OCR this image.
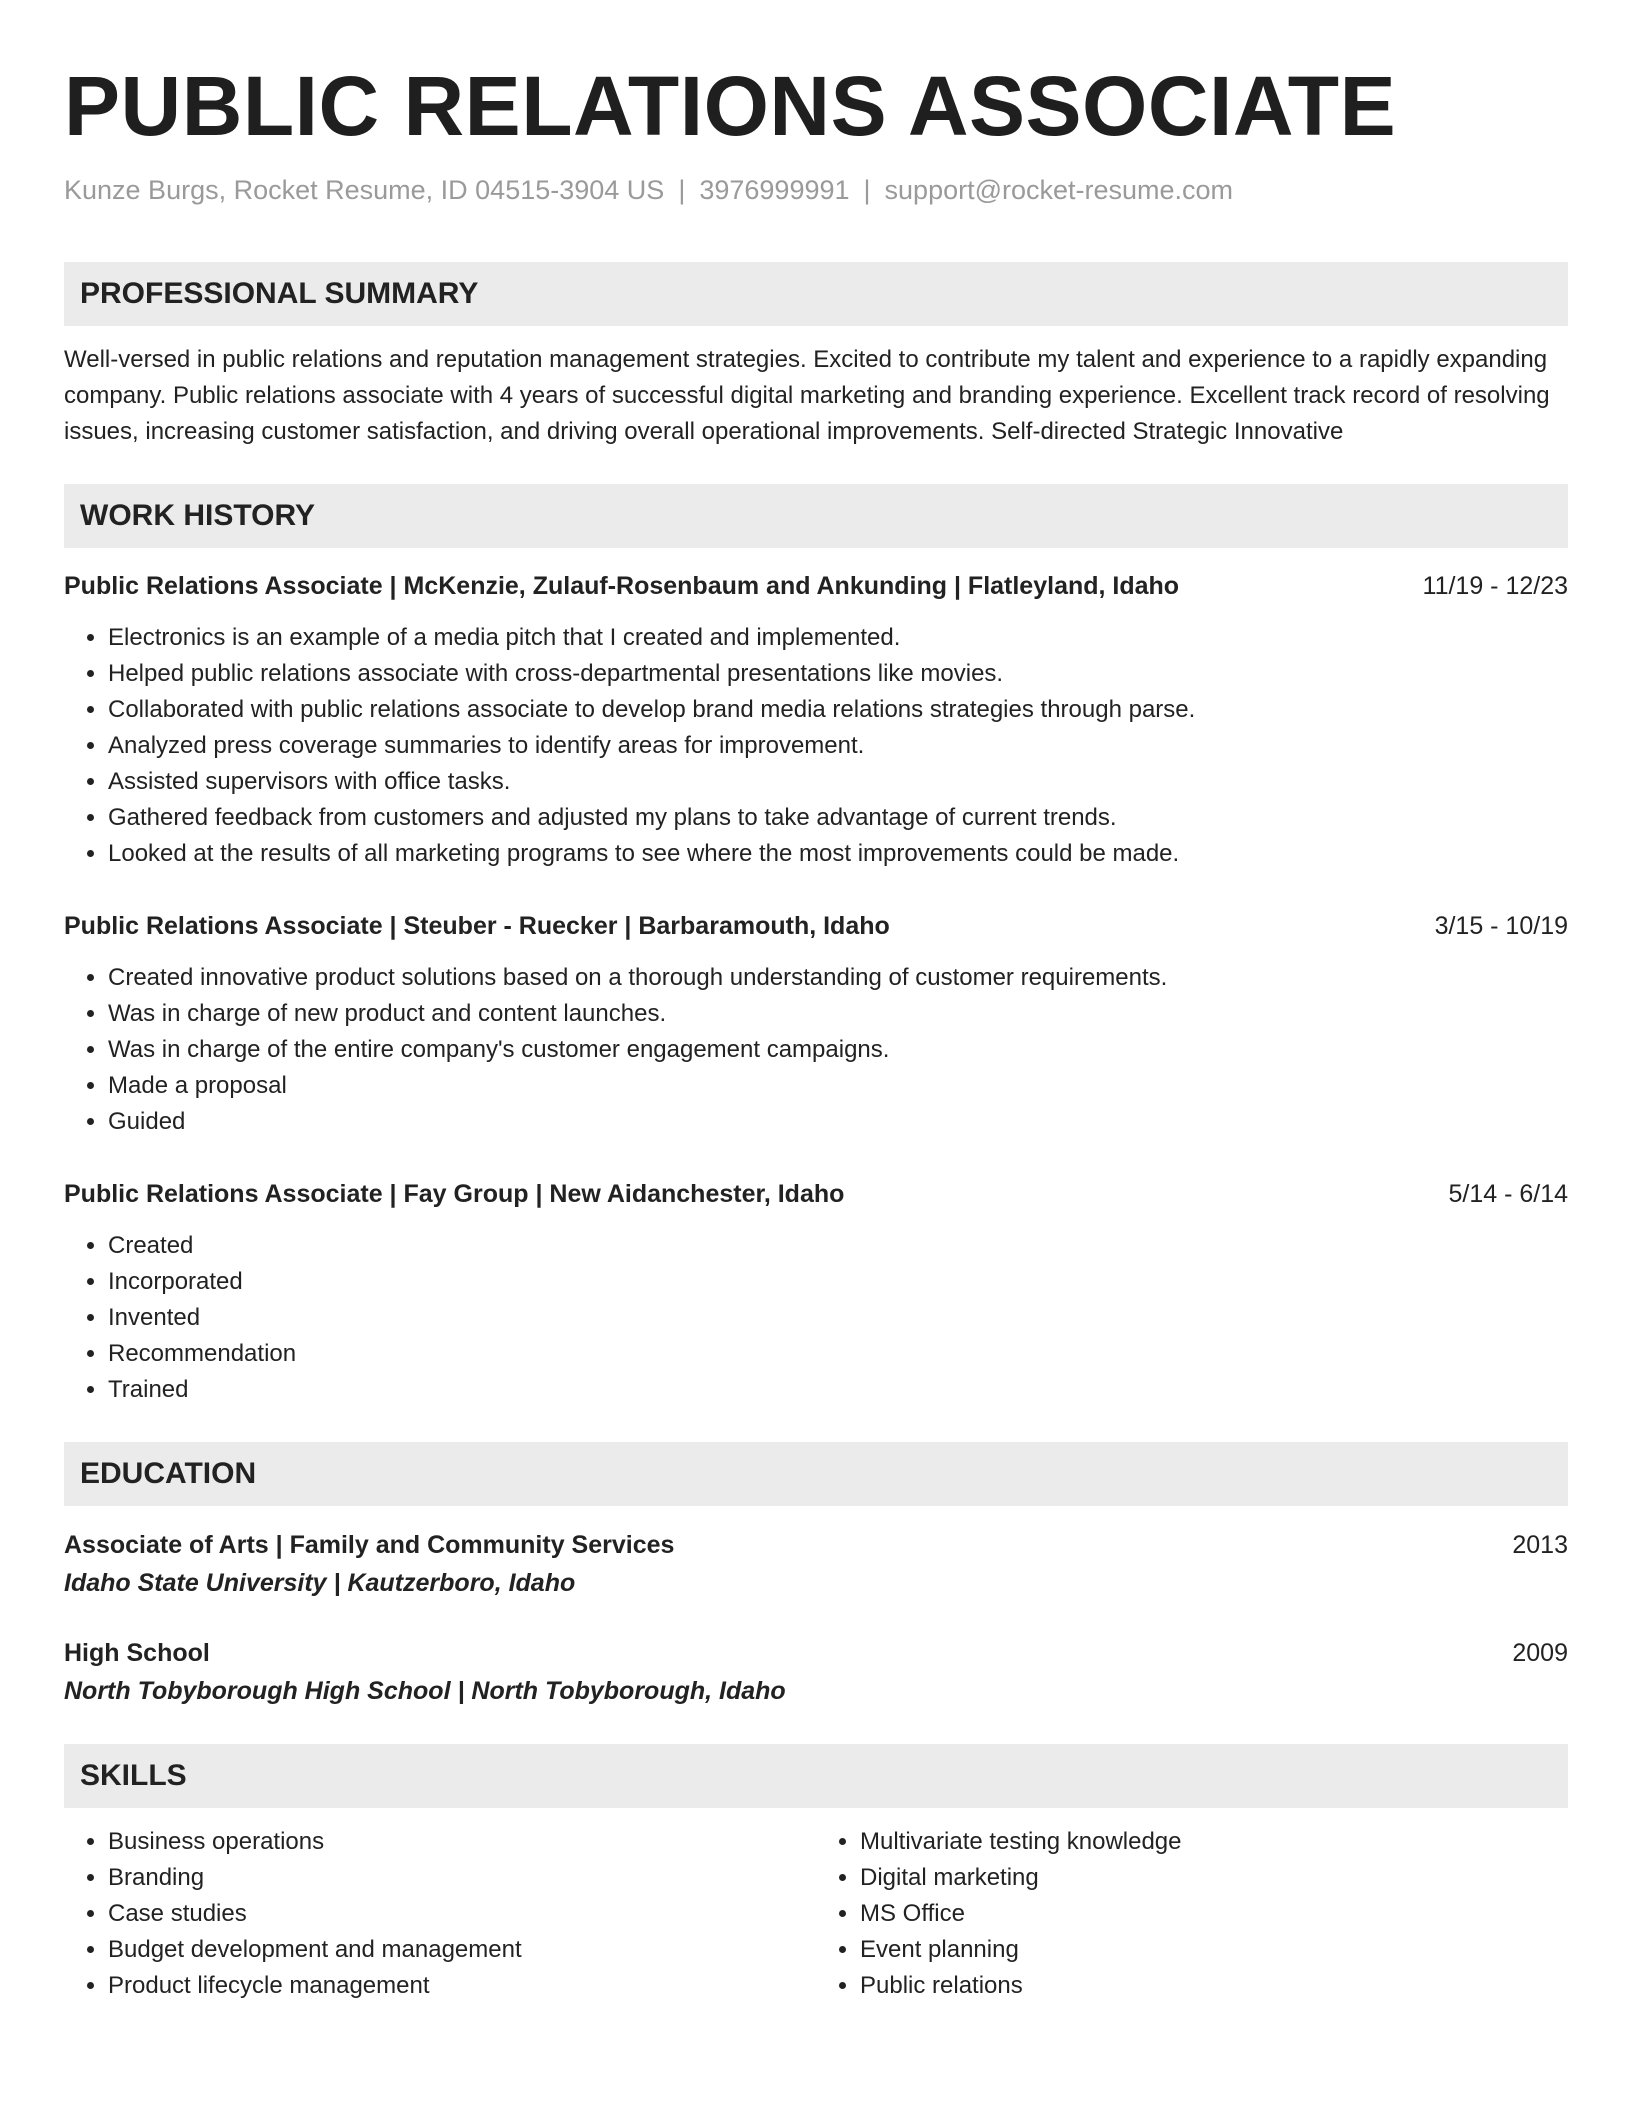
PUBLIC RELATIONS ASSOCIATE
Kunze Burgs, Rocket Resume, ID 04515-3904 US | 3976999991 | support@rocket-resume.com
PROFESSIONAL SUMMARY
Well-versed in public relations and reputation management strategies. Excited to contribute my talent and experience to a rapidly expanding company. Public relations associate with 4 years of successful digital marketing and branding experience. Excellent track record of resolving issues, increasing customer satisfaction, and driving overall operational improvements. Self-directed Strategic Innovative
WORK HISTORY
Public Relations Associate | McKenzie, Zulauf-Rosenbaum and Ankunding | Flatleyland, Idaho	11/19 - 12/23
• Electronics is an example of a media pitch that I created and implemented.
• Helped public relations associate with cross-departmental presentations like movies.
• Collaborated with public relations associate to develop brand media relations strategies through parse.
• Analyzed press coverage summaries to identify areas for improvement.
• Assisted supervisors with office tasks.
• Gathered feedback from customers and adjusted my plans to take advantage of current trends.
• Looked at the results of all marketing programs to see where the most improvements could be made.
Public Relations Associate | Steuber - Ruecker | Barbaramouth, Idaho	3/15 - 10/19
• Created innovative product solutions based on a thorough understanding of customer requirements.
• Was in charge of new product and content launches.
• Was in charge of the entire company's customer engagement campaigns.
• Made a proposal
• Guided
Public Relations Associate | Fay Group | New Aidanchester, Idaho	5/14 - 6/14
• Created
• Incorporated
• Invented
• Recommendation
• Trained
EDUCATION
Associate of Arts | Family and Community Services	2013
Idaho State University | Kautzerboro, Idaho
High School	2009
North Tobyborough High School | North Tobyborough, Idaho
SKILLS
• Business operations
• Branding
• Case studies
• Budget development and management
• Product lifecycle management
• Multivariate testing knowledge
• Digital marketing
• MS Office
• Event planning
• Public relations
